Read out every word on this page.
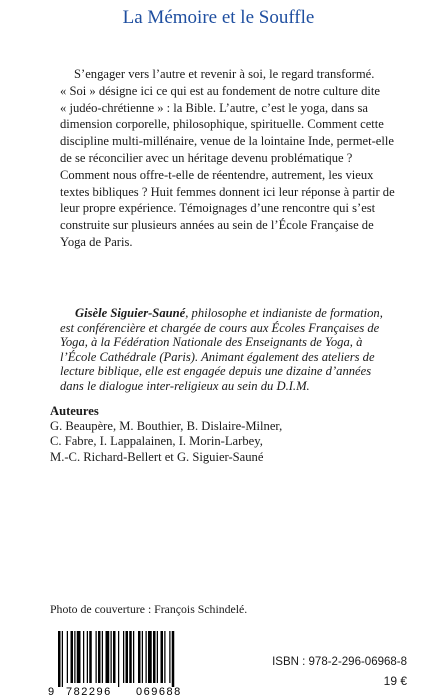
La Mémoire et le Souffle

S’engager vers l’autre et revenir à soi, le regard transformé.
« Soi » désigne ici ce qui est au fondement de notre culture dite
« judéo-chrétienne » : la Bible. L’autre, c’est le yoga, dans sa
dimension corporelle, philosophique, spirituelle. Comment cette
discipline multi-millénaire, venue de la lointaine Inde, permet-elle
de se réconcilier avec un héritage devenu problématique ?
Comment nous offre-t-elle de réentendre, autrement, les vieux
textes bibliques ? Huit femmes donnent ici leur réponse à partir de
leur propre expérience. Témoignages d’une rencontre qui s’est
construite sur plusieurs années au sein de l’École Française de
Yoga de Paris.

Gisèle Siguier-Sauné, philosophe et indianiste de formation,
est conférencière et chargée de cours aux Écoles Françaises de
Yoga, à la Fédération Nationale des Enseignants de Yoga, à
l’École Cathédrale (Paris). Animant également des ateliers de
lecture biblique, elle est engagée depuis une dizaine d’années
dans le dialogue inter-religieux au sein du D.I.M.

Auteures
G. Beaupère, M. Bouthier, B. Dislaire-Milner,
C. Fabre, I. Lappalainen, I. Morin-Larbey,
M.-C. Richard-Bellert et G. Siguier-Sauné
Photo de couverture : François Schindelé.
9 782296 069688
ISBN : 978-2-296-06968-8
19 €
